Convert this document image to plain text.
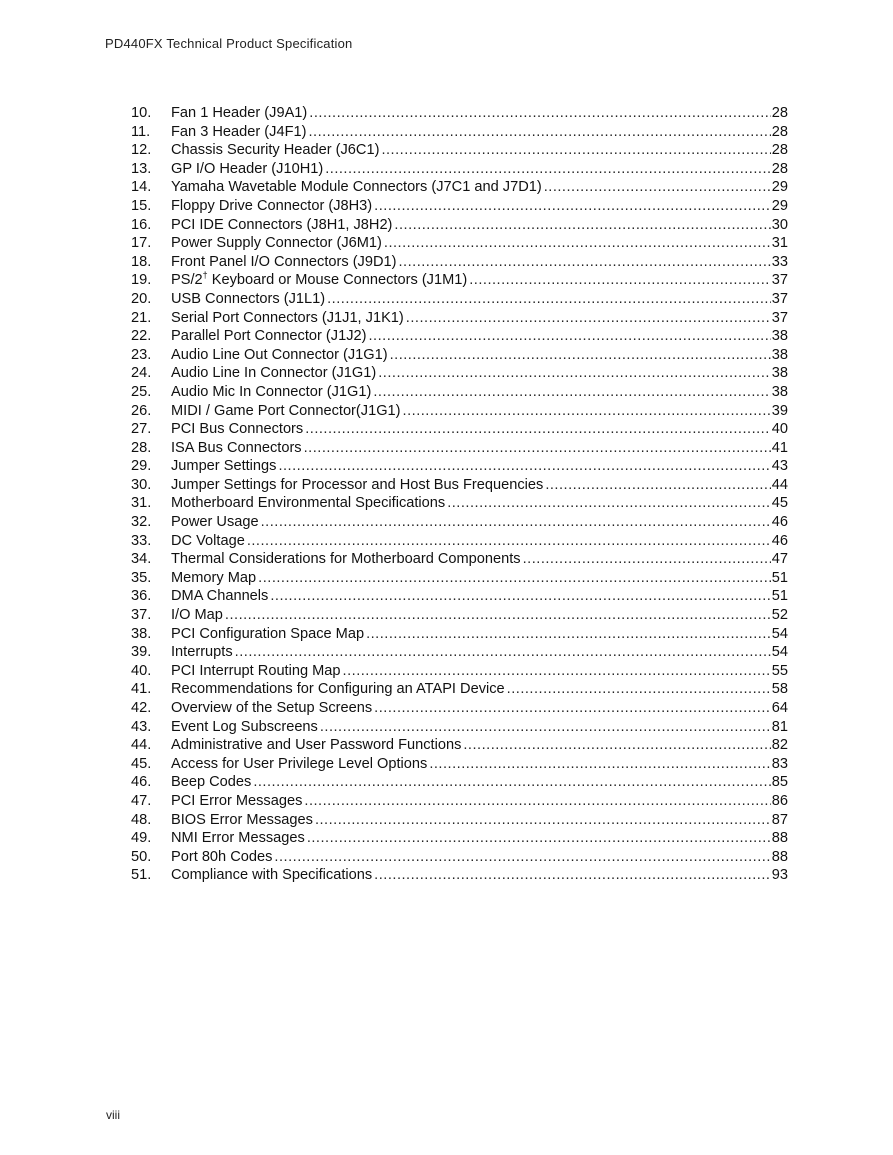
PD440FX Technical Product Specification
10.	Fan 1 Header (J9A1) .....	28
11.	Fan 3 Header (J4F1) .....	28
12.	Chassis Security Header (J6C1) .....	28
13.	GP I/O Header (J10H1) .....	28
14.	Yamaha Wavetable Module Connectors (J7C1 and J7D1) .....	29
15.	Floppy Drive Connector (J8H3) .....	29
16.	PCI IDE Connectors (J8H1, J8H2) .....	30
17.	Power Supply Connector (J6M1) .....	31
18.	Front Panel I/O Connectors (J9D1) .....	33
19.	PS/2† Keyboard or Mouse Connectors (J1M1) .....	37
20.	USB Connectors (J1L1) .....	37
21.	Serial Port Connectors (J1J1, J1K1) .....	37
22.	Parallel Port Connector (J1J2) .....	38
23.	Audio Line Out Connector (J1G1) .....	38
24.	Audio Line In Connector (J1G1) .....	38
25.	Audio Mic In Connector (J1G1) .....	38
26.	MIDI / Game Port Connector(J1G1) .....	39
27.	PCI Bus Connectors .....	40
28.	ISA Bus Connectors .....	41
29.	Jumper Settings .....	43
30.	Jumper Settings for Processor and Host Bus Frequencies .....	44
31.	Motherboard Environmental Specifications .....	45
32.	Power Usage .....	46
33.	DC Voltage .....	46
34.	Thermal Considerations for Motherboard Components .....	47
35.	Memory Map .....	51
36.	DMA Channels .....	51
37.	I/O Map .....	52
38.	PCI Configuration Space Map .....	54
39.	Interrupts .....	54
40.	PCI Interrupt Routing Map .....	55
41.	Recommendations for Configuring an ATAPI Device .....	58
42.	Overview of the Setup Screens .....	64
43.	Event Log Subscreens .....	81
44.	Administrative and User Password Functions .....	82
45.	Access for User Privilege Level Options .....	83
46.	Beep Codes .....	85
47.	PCI Error Messages .....	86
48.	BIOS Error Messages .....	87
49.	NMI Error Messages .....	88
50.	Port 80h Codes .....	88
51.	Compliance with Specifications .....	93
viii
